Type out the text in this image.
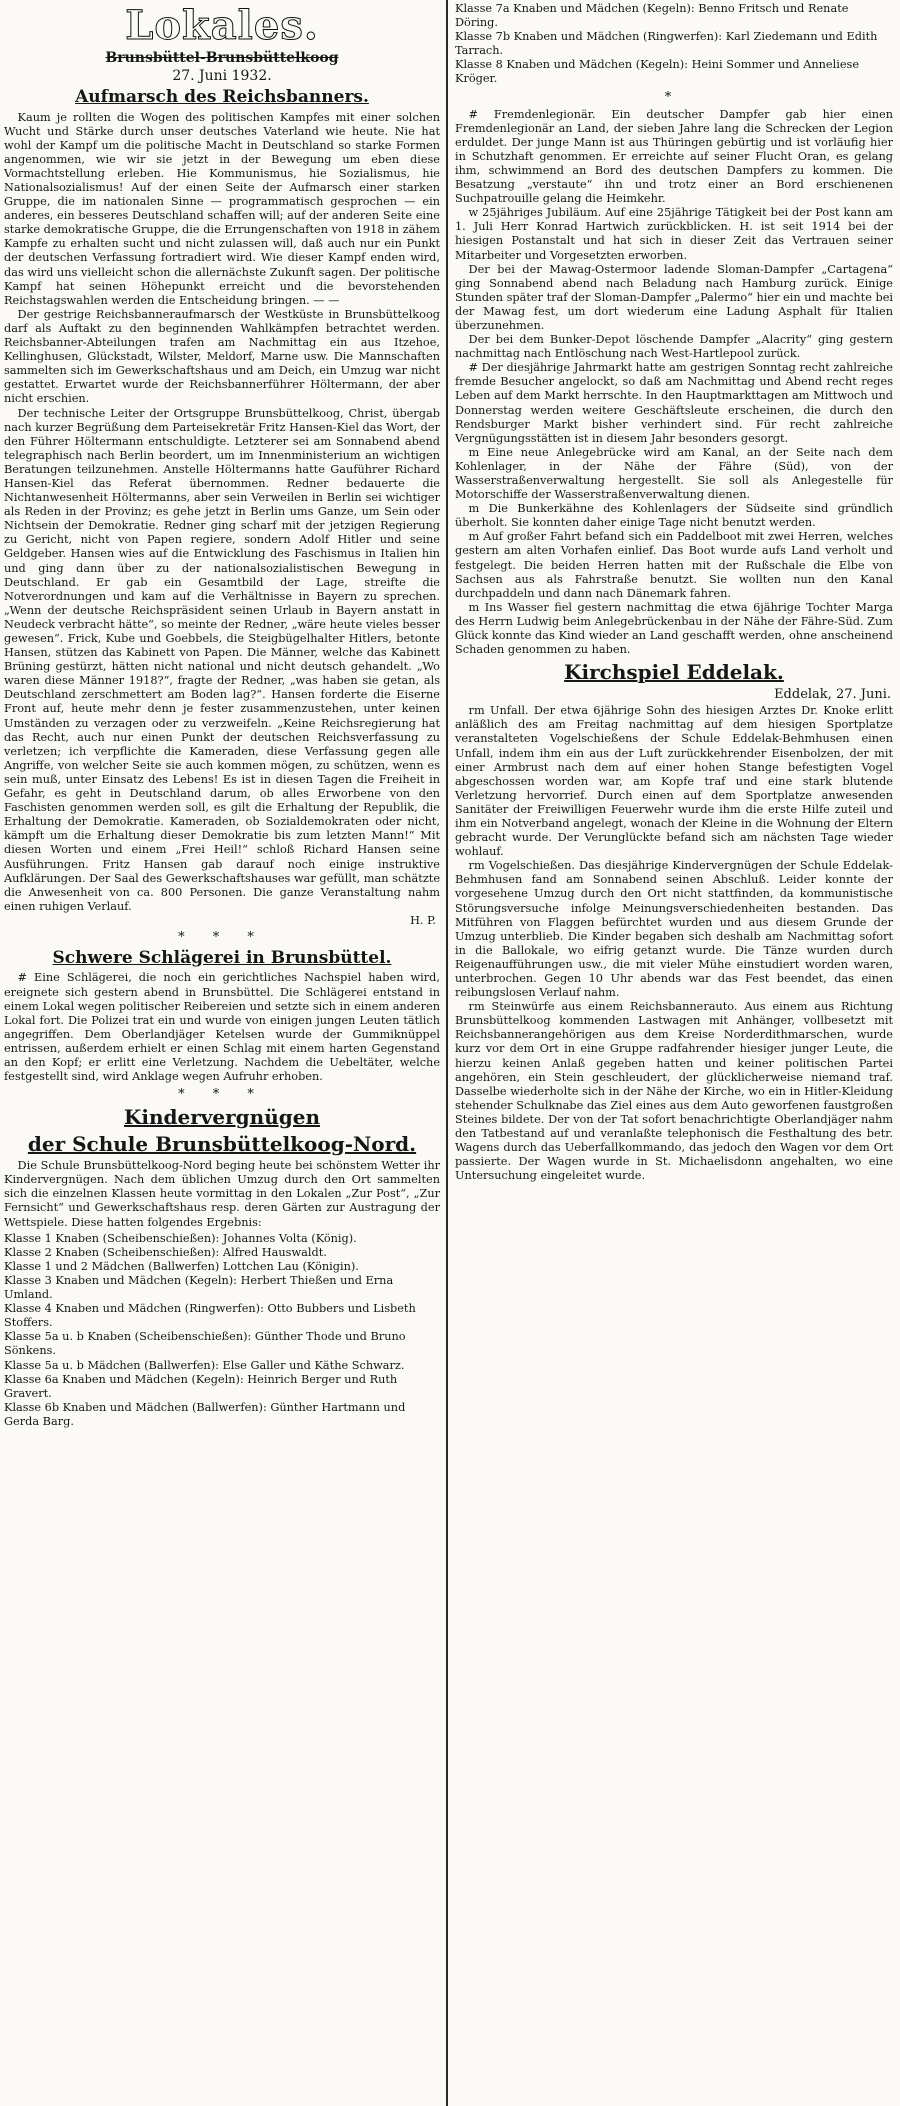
Lokales.
Brunsbüttel-Brunsbüttelkoog
27. Juni 1932.
Aufmarsch des Reichsbanners.

Kaum je rollten die Wogen des politischen Kampfes mit einer solchen Wucht und Stärke durch unser deutsches Vaterland wie heute. Nie hat wohl der Kampf um die politische Macht in Deutschland so starke Formen angenommen, wie wir sie jetzt in der Bewegung um eben diese Vormachtstellung erleben. Hie Kommunismus, hie Sozialismus, hie Nationalsozialismus! Auf der einen Seite der Aufmarsch einer starken Gruppe, die im nationalen Sinne — programmatisch gesprochen — ein anderes, ein besseres Deutschland schaffen will; auf der anderen Seite eine starke demokratische Gruppe, die die Errungenschaften von 1918 in zähem Kampfe zu erhalten sucht und nicht zulassen will, daß auch nur ein Punkt der deutschen Verfassung fortradiert wird. Wie dieser Kampf enden wird, das wird uns vielleicht schon die allernächste Zukunft sagen. Der politische Kampf hat seinen Höhepunkt erreicht und die bevorstehenden Reichstagswahlen werden die Entscheidung bringen. — —

Der gestrige Reichsbanneraufmarsch der Westküste in Brunsbüttelkoog darf als Auftakt zu den beginnenden Wahlkämpfen betrachtet werden. Reichsbanner-Abteilungen trafen am Nachmittag ein aus Itzehoe, Kellinghusen, Glückstadt, Wilster, Meldorf, Marne usw. Die Mannschaften sammelten sich im Gewerkschaftshaus und am Deich, ein Umzug war nicht gestattet. Erwartet wurde der Reichsbannerführer Höltermann, der aber nicht erschien.

Der technische Leiter der Ortsgruppe Brunsbüttelkoog, Christ, übergab nach kurzer Begrüßung dem Parteisekretär Fritz Hansen-Kiel das Wort, der den Führer Höltermann entschuldigte. Letzterer sei am Sonnabend abend telegraphisch nach Berlin beordert, um im Innenministerium an wichtigen Beratungen teilzunehmen. Anstelle Höltermanns hatte Gauführer Richard Hansen-Kiel das Referat übernommen. Redner bedauerte die Nichtanwesenheit Höltermanns, aber sein Verweilen in Berlin sei wichtiger als Reden in der Provinz; es gehe jetzt in Berlin ums Ganze, um Sein oder Nichtsein der Demokratie. Redner ging scharf mit der jetzigen Regierung zu Gericht, nicht von Papen regiere, sondern Adolf Hitler und seine Geldgeber. Hansen wies auf die Entwicklung des Faschismus in Italien hin und ging dann über zu der nationalsozialistischen Bewegung in Deutschland. Er gab ein Gesamtbild der Lage, streifte die Notverordnungen und kam auf die Verhältnisse in Bayern zu sprechen. „Wenn der deutsche Reichspräsident seinen Urlaub in Bayern anstatt in Neudeck verbracht hätte“, so meinte der Redner, „wäre heute vieles besser gewesen“. Frick, Kube und Goebbels, die Steigbügelhalter Hitlers, betonte Hansen, stützen das Kabinett von Papen. Die Männer, welche das Kabinett Brüning gestürzt, hätten nicht national und nicht deutsch gehandelt. „Wo waren diese Männer 1918?“, fragte der Redner, „was haben sie getan, als Deutschland zerschmettert am Boden lag?“. Hansen forderte die Eiserne Front auf, heute mehr denn je fester zusammenzustehen, unter keinen Umständen zu verzagen oder zu verzweifeln. „Keine Reichsregierung hat das Recht, auch nur einen Punkt der deutschen Reichsverfassung zu verletzen; ich verpflichte die Kameraden, diese Verfassung gegen alle Angriffe, von welcher Seite sie auch kommen mögen, zu schützen, wenn es sein muß, unter Einsatz des Lebens! Es ist in diesen Tagen die Freiheit in Gefahr, es geht in Deutschland darum, ob alles Erworbene von den Faschisten genommen werden soll, es gilt die Erhaltung der Republik, die Erhaltung der Demokratie. Kameraden, ob Sozialdemokraten oder nicht, kämpft um die Erhaltung dieser Demokratie bis zum letzten Mann!“ Mit diesen Worten und einem „Frei Heil!“ schloß Richard Hansen seine Ausführungen. Fritz Hansen gab darauf noch einige instruktive Aufklärungen. Der Saal des Gewerkschaftshauses war gefüllt, man schätzte die Anwesenheit von ca. 800 Personen. Die ganze Veranstaltung nahm einen ruhigen Verlauf.

H. P.
* * *
Schwere Schlägerei in Brunsbüttel.

# Eine Schlägerei, die noch ein gerichtliches Nachspiel haben wird, ereignete sich gestern abend in Brunsbüttel. Die Schlägerei entstand in einem Lokal wegen politischer Reibereien und setzte sich in einem anderen Lokal fort. Die Polizei trat ein und wurde von einigen jungen Leuten tätlich angegriffen. Dem Oberlandjäger Ketelsen wurde der Gummiknüppel entrissen, außerdem erhielt er einen Schlag mit einem harten Gegenstand an den Kopf; er erlitt eine Verletzung. Nachdem die Uebeltäter, welche festgestellt sind, wird Anklage wegen Aufruhr erhoben.

* * *
Kindervergnügen
der Schule Brunsbüttelkoog-Nord.

Die Schule Brunsbüttelkoog-Nord beging heute bei schönstem Wetter ihr Kindervergnügen. Nach dem üblichen Umzug durch den Ort sammelten sich die einzelnen Klassen heute vormittag in den Lokalen „Zur Post“, „Zur Fernsicht“ und Gewerkschaftshaus resp. deren Gärten zur Austragung der Wettspiele. Diese hatten folgendes Ergebnis:

Klasse 1 Knaben (Scheibenschießen): Johannes Volta (König).
Klasse 2 Knaben (Scheibenschießen): Alfred Hauswaldt.
Klasse 1 und 2 Mädchen (Ballwerfen) Lottchen Lau (Königin).
Klasse 3 Knaben und Mädchen (Kegeln): Herbert Thießen und Erna Umland.
Klasse 4 Knaben und Mädchen (Ringwerfen): Otto Bubbers und Lisbeth Stoffers.
Klasse 5a u. b Knaben (Scheibenschießen): Günther Thode und Bruno Sönkens.
Klasse 5a u. b Mädchen (Ballwerfen): Else Galler und Käthe Schwarz.
Klasse 6a Knaben und Mädchen (Kegeln): Heinrich Berger und Ruth Gravert.
Klasse 6b Knaben und Mädchen (Ballwerfen): Günther Hartmann und Gerda Barg.
Klasse 7a Knaben und Mädchen (Kegeln): Benno Fritsch und Renate Döring.
Klasse 7b Knaben und Mädchen (Ringwerfen): Karl Ziedemann und Edith Tarrach.
Klasse 8 Knaben und Mädchen (Kegeln): Heini Sommer und Anneliese Kröger.
*

# Fremdenlegionär. Ein deutscher Dampfer gab hier einen Fremdenlegionär an Land, der sieben Jahre lang die Schrecken der Legion erduldet. Der junge Mann ist aus Thüringen gebürtig und ist vorläufig hier in Schutzhaft genommen. Er erreichte auf seiner Flucht Oran, es gelang ihm, schwimmend an Bord des deutschen Dampfers zu kommen. Die Besatzung „verstaute“ ihn und trotz einer an Bord erschienenen Suchpatrouille gelang die Heimkehr.

w 25jähriges Jubiläum. Auf eine 25jährige Tätigkeit bei der Post kann am 1. Juli Herr Konrad Hartwich zurückblicken. H. ist seit 1914 bei der hiesigen Postanstalt und hat sich in dieser Zeit das Vertrauen seiner Mitarbeiter und Vorgesetzten erworben.

Der bei der Mawag-Ostermoor ladende Sloman-Dampfer „Cartagena“ ging Sonnabend abend nach Beladung nach Hamburg zurück. Einige Stunden später traf der Sloman-Dampfer „Palermo“ hier ein und machte bei der Mawag fest, um dort wiederum eine Ladung Asphalt für Italien überzunehmen.

Der bei dem Bunker-Depot löschende Dampfer „Alacrity“ ging gestern nachmittag nach Entlöschung nach West-Hartlepool zurück.

# Der diesjährige Jahrmarkt hatte am gestrigen Sonntag recht zahlreiche fremde Besucher angelockt, so daß am Nachmittag und Abend recht reges Leben auf dem Markt herrschte. In den Hauptmarkttagen am Mittwoch und Donnerstag werden weitere Geschäftsleute erscheinen, die durch den Rendsburger Markt bisher verhindert sind. Für recht zahlreiche Vergnügungsstätten ist in diesem Jahr besonders gesorgt.

m Eine neue Anlegebrücke wird am Kanal, an der Seite nach dem Kohlenlager, in der Nähe der Fähre (Süd), von der Wasserstraßenverwaltung hergestellt. Sie soll als Anlegestelle für Motorschiffe der Wasserstraßenverwaltung dienen.

m Die Bunkerkähne des Kohlenlagers der Südseite sind gründlich überholt. Sie konnten daher einige Tage nicht benutzt werden.

m Auf großer Fahrt befand sich ein Paddelboot mit zwei Herren, welches gestern am alten Vorhafen einlief. Das Boot wurde aufs Land verholt und festgelegt. Die beiden Herren hatten mit der Rußschale die Elbe von Sachsen aus als Fahrstraße benutzt. Sie wollten nun den Kanal durchpaddeln und dann nach Dänemark fahren.

m Ins Wasser fiel gestern nachmittag die etwa 6jährige Tochter Marga des Herrn Ludwig beim Anlegebrückenbau in der Nähe der Fähre-Süd. Zum Glück konnte das Kind wieder an Land geschafft werden, ohne anscheinend Schaden genommen zu haben.

Kirchspiel Eddelak.
Eddelak, 27. Juni.

rm Unfall. Der etwa 6jährige Sohn des hiesigen Arztes Dr. Knoke erlitt anläßlich des am Freitag nachmittag auf dem hiesigen Sportplatze veranstalteten Vogelschießens der Schule Eddelak-Behmhusen einen Unfall, indem ihm ein aus der Luft zurückkehrender Eisenbolzen, der mit einer Armbrust nach dem auf einer hohen Stange befestigten Vogel abgeschossen worden war, am Kopfe traf und eine stark blutende Verletzung hervorrief. Durch einen auf dem Sportplatze anwesenden Sanitäter der Freiwilligen Feuerwehr wurde ihm die erste Hilfe zuteil und ihm ein Notverband angelegt, wonach der Kleine in die Wohnung der Eltern gebracht wurde. Der Verunglückte befand sich am nächsten Tage wieder wohlauf.

rm Vogelschießen. Das diesjährige Kindervergnügen der Schule Eddelak-Behmhusen fand am Sonnabend seinen Abschluß. Leider konnte der vorgesehene Umzug durch den Ort nicht stattfinden, da kommunistische Störungsversuche infolge Meinungsverschiedenheiten bestanden. Das Mitführen von Flaggen befürchtet wurden und aus diesem Grunde der Umzug unterblieb. Die Kinder begaben sich deshalb am Nachmittag sofort in die Ballokale, wo eifrig getanzt wurde. Die Tänze wurden durch Reigenaufführungen usw., die mit vieler Mühe einstudiert worden waren, unterbrochen. Gegen 10 Uhr abends war das Fest beendet, das einen reibungslosen Verlauf nahm.

rm Steinwürfe aus einem Reichsbannerauto. Aus einem aus Richtung Brunsbüttelkoog kommenden Lastwagen mit Anhänger, vollbesetzt mit Reichsbannerangehörigen aus dem Kreise Norderdithmarschen, wurde kurz vor dem Ort in eine Gruppe radfahrender hiesiger junger Leute, die hierzu keinen Anlaß gegeben hatten und keiner politischen Partei angehören, ein Stein geschleudert, der glücklicherweise niemand traf. Dasselbe wiederholte sich in der Nähe der Kirche, wo ein in Hitler-Kleidung stehender Schulknabe das Ziel eines aus dem Auto geworfenen faustgroßen Steines bildete. Der von der Tat sofort benachrichtigte Oberlandjäger nahm den Tatbestand auf und veranlaßte telephonisch die Festhaltung des betr. Wagens durch das Ueberfallkommando, das jedoch den Wagen vor dem Ort passierte. Der Wagen wurde in St. Michaelisdonn angehalten, wo eine Untersuchung eingeleitet wurde.
